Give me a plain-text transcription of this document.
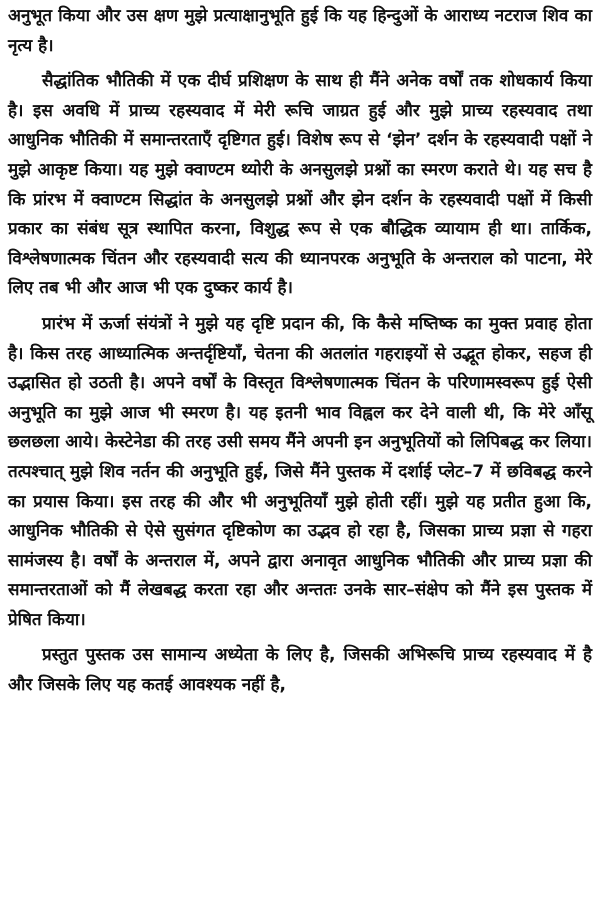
अनुभूत किया और उस क्षण मुझे प्रत्याक्षानुभूति हुई कि यह हिन्दुओं के आराध्य नटराज शिव का नृत्य है।

सैद्धांतिक भौतिकी में एक दीर्घ प्रशिक्षण के साथ ही मैंने अनेक वर्षों तक शोधकार्य किया है। इस अवधि में प्राच्य रहस्यवाद में मेरी रूचि जाग्रत हुई और मुझे प्राच्य रहस्यवाद तथा आधुनिक भौतिकी में समान्तरताएँ दृष्टिगत हुई। विशेष रूप से ‘झेन’ दर्शन के रहस्यवादी पक्षों ने मुझे आकृष्ट किया। यह मुझे क्वाण्टम थ्योरी के अनसुलझे प्रश्नों का स्मरण कराते थे। यह सच है कि प्रांरभ में क्वाण्टम सिद्धांत के अनसुलझे प्रश्नों और झेन दर्शन के रहस्यवादी पक्षों में किसी प्रकार का संबंध सूत्र स्थापित करना, विशुद्ध रूप से एक बौद्धिक व्यायाम ही था। तार्किक, विश्लेषणात्मक चिंतन और रहस्यवादी सत्य की ध्यानपरक अनुभूति के अन्तराल को पाटना, मेरे लिए तब भी और आज भी एक दुष्कर कार्य है।

प्रारंभ में ऊर्जा संयंत्रों ने मुझे यह दृष्टि प्रदान की, कि कैसे मष्तिष्क का मुक्त प्रवाह होता है। किस तरह आध्यात्मिक अन्तर्दृष्टियाँ, चेतना की अतलांत गहराइयों से उद्भूत होकर, सहज ही उद्भासित हो उठती है। अपने वर्षों के विस्तृत विश्लेषणात्मक चिंतन के परिणामस्वरूप हुई ऐसी अनुभूति का मुझे आज भी स्मरण है। यह इतनी भाव विह्वल कर देने वाली थी, कि मेरे आँसू छलछला आये। केस्टेनेडा की तरह उसी समय मैंने अपनी इन अनुभूतियों को लिपिबद्ध कर लिया। तत्पश्चात् मुझे शिव नर्तन की अनुभूति हुई, जिसे मैंने पुस्तक में दर्शाई प्लेट–7 में छविबद्ध करने का प्रयास किया। इस तरह की और भी अनुभूतियाँ मुझे होती रहीं। मुझे यह प्रतीत हुआ कि, आधुनिक भौतिकी से ऐसे सुसंगत दृष्टिकोण का उद्भव हो रहा है, जिसका प्राच्य प्रज्ञा से गहरा सामंजस्य है। वर्षों के अन्तराल में, अपने द्वारा अनावृत आधुनिक भौतिकी और प्राच्य प्रज्ञा की समान्तरताओं को मैं लेखबद्ध करता रहा और अन्ततः उनके सार–संक्षेप को मैंने इस पुस्तक में प्रेषित किया।

प्रस्तुत पुस्तक उस सामान्य अध्येता के लिए है, जिसकी अभिरूचि प्राच्य रहस्यवाद में है और जिसके लिए यह कतई आवश्यक नहीं है,
